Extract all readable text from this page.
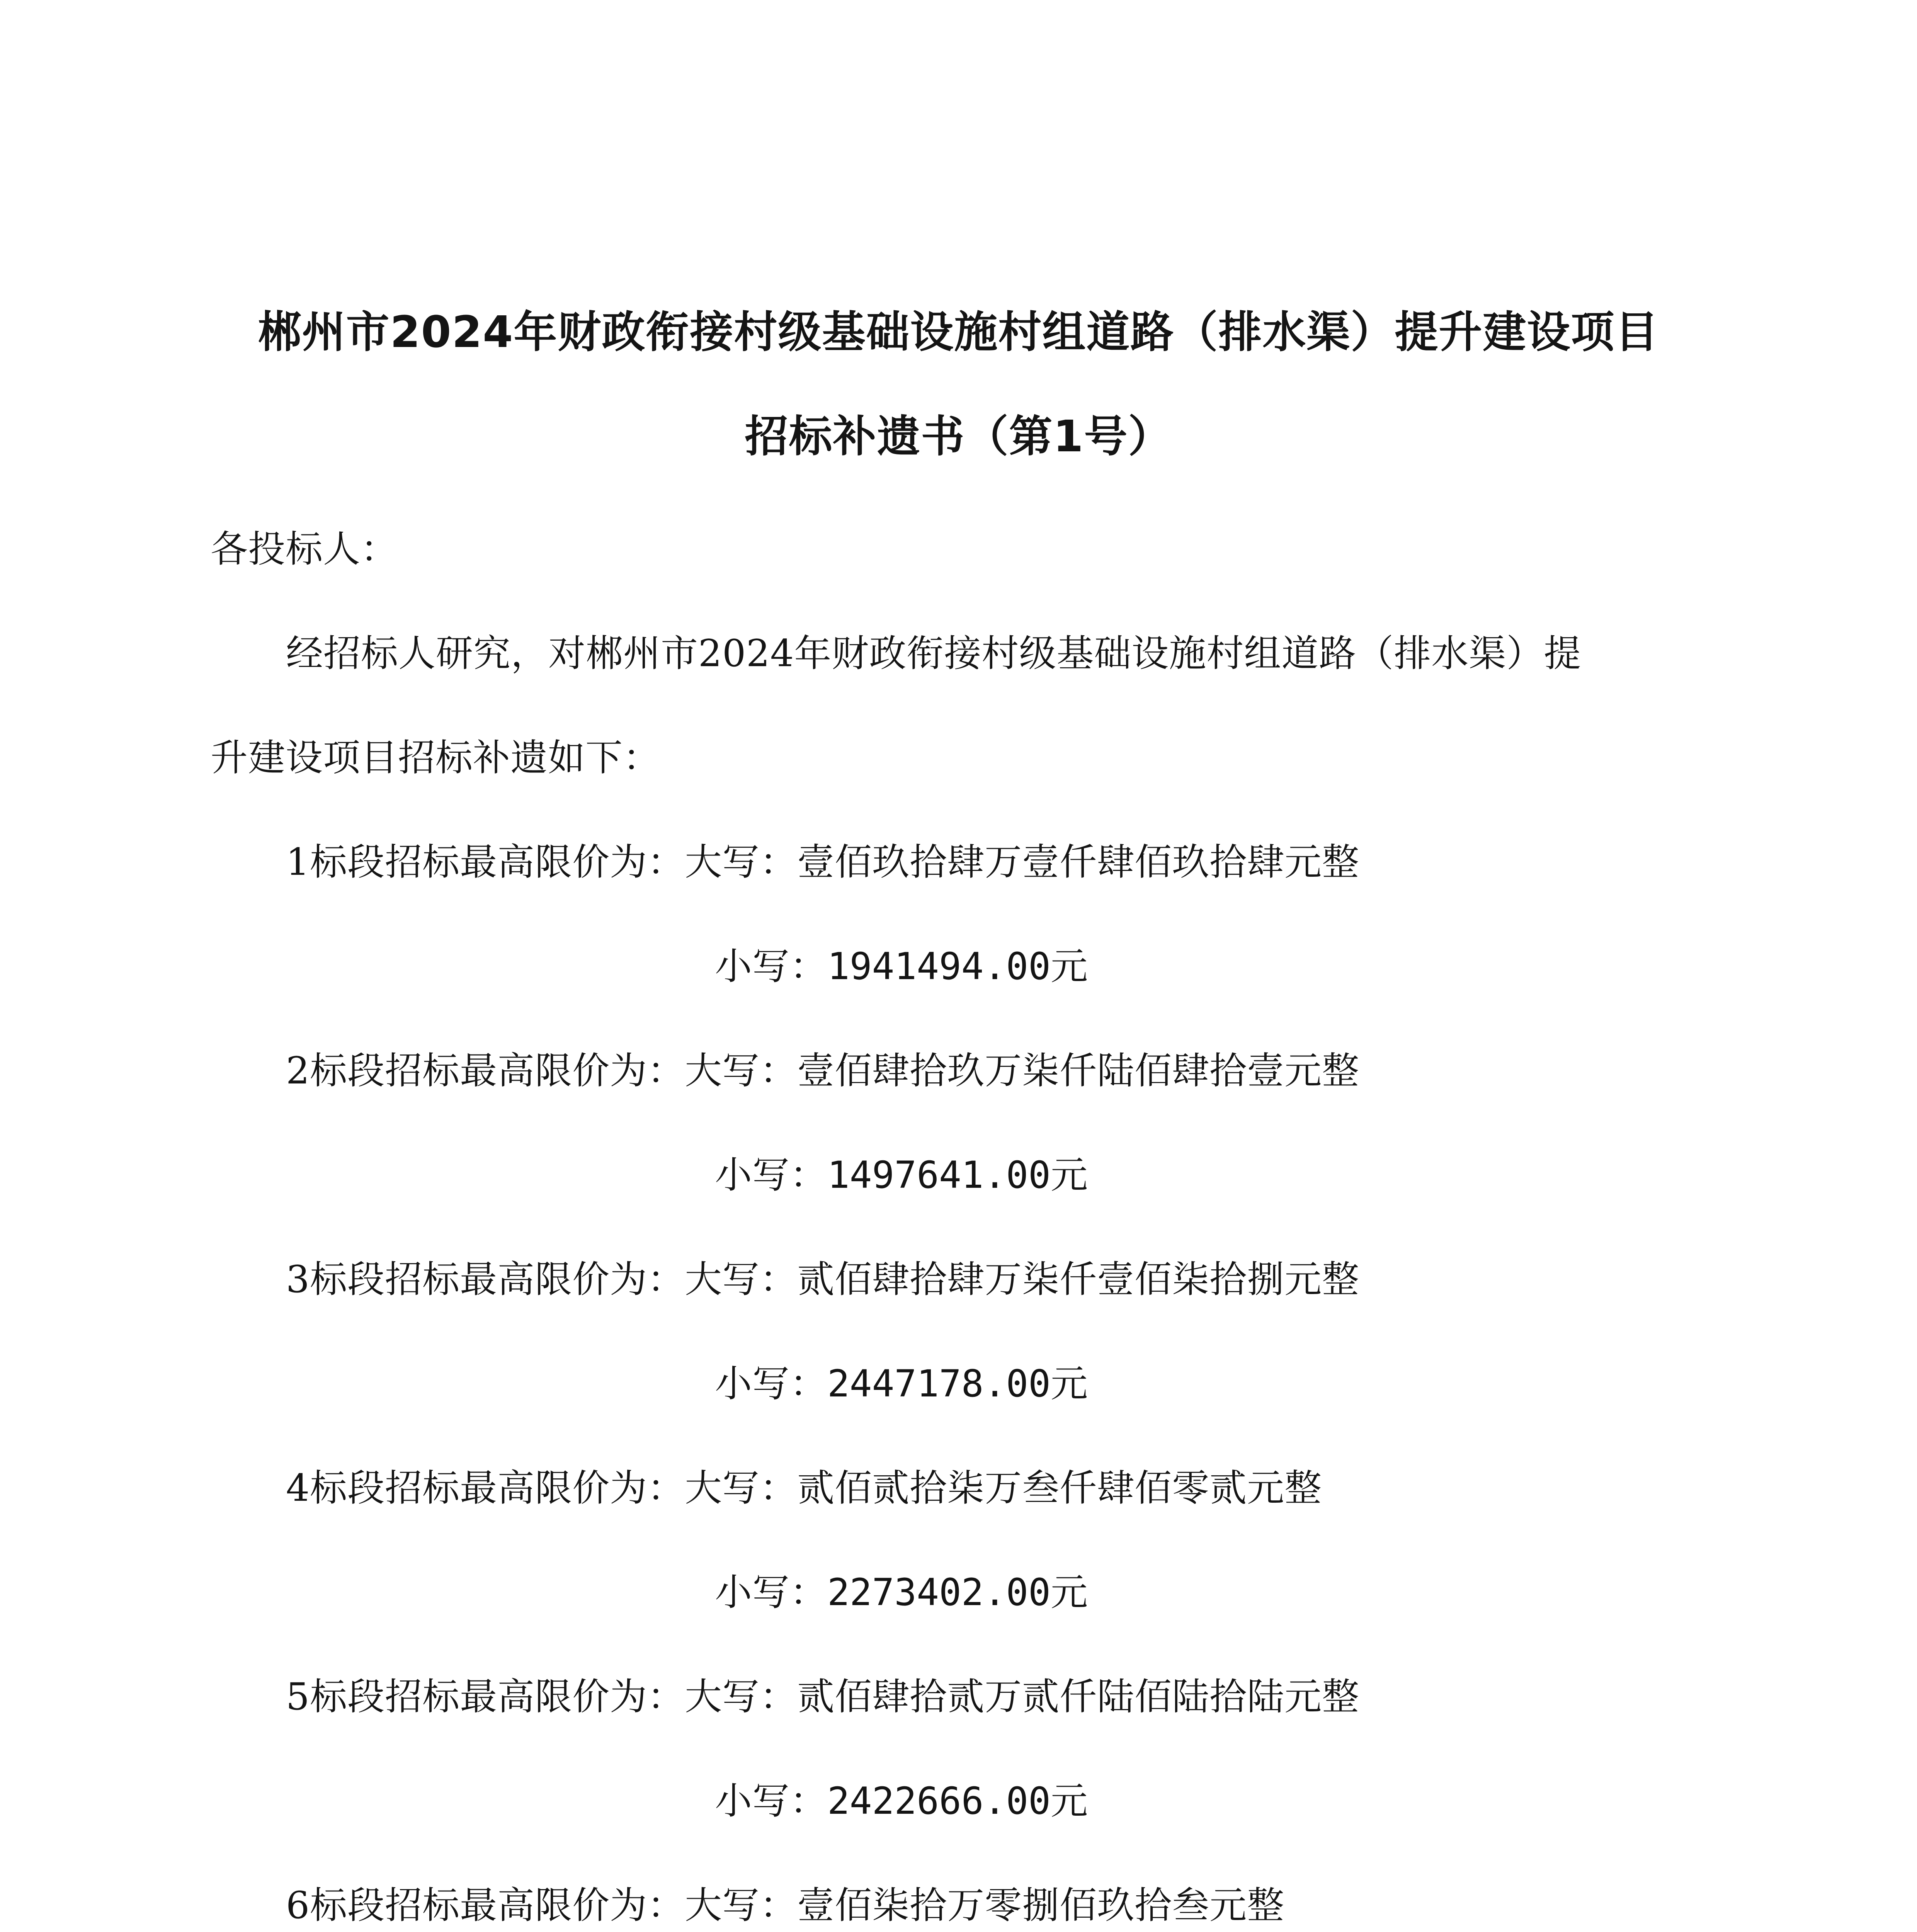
郴州市2024年财政衔接村级基础设施村组道路（排水渠）提升建设项目
招标补遗书（第1号）
各投标人：
经招标人研究，对郴州市2024年财政衔接村级基础设施村组道路（排水渠）提
升建设项目招标补遗如下：
1标段招标最高限价为：大写：壹佰玖拾肆万壹仟肆佰玖拾肆元整
小写：1941494.00元
2标段招标最高限价为：大写：壹佰肆拾玖万柒仟陆佰肆拾壹元整
小写：1497641.00元
3标段招标最高限价为：大写：贰佰肆拾肆万柒仟壹佰柒拾捌元整
小写：2447178.00元
4标段招标最高限价为：大写：贰佰贰拾柒万叁仟肆佰零贰元整
小写：2273402.00元
5标段招标最高限价为：大写：贰佰肆拾贰万贰仟陆佰陆拾陆元整
小写：2422666.00元
6标段招标最高限价为：大写：壹佰柒拾万零捌佰玖拾叁元整
